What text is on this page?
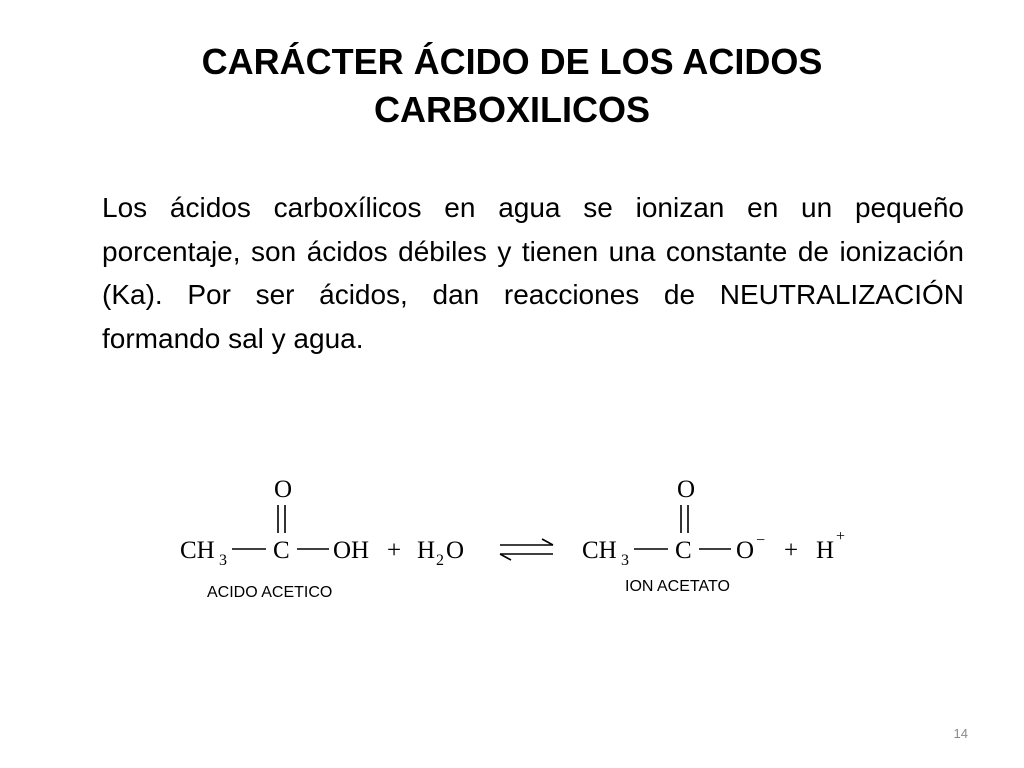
CARÁCTER ÁCIDO DE LOS ACIDOS
CARBOXILICOS
Los ácidos carboxílicos en agua se ionizan en un pequeño porcentaje, son ácidos débiles y tienen una constante de ionización (Ka). Por ser ácidos, dan reacciones de NEUTRALIZACIÓN formando sal y agua.
O
CH 3 C OH + H 2 O
O
CH 3 C O − + H
+
ACIDO ACETICO	ION ACETATO
14
